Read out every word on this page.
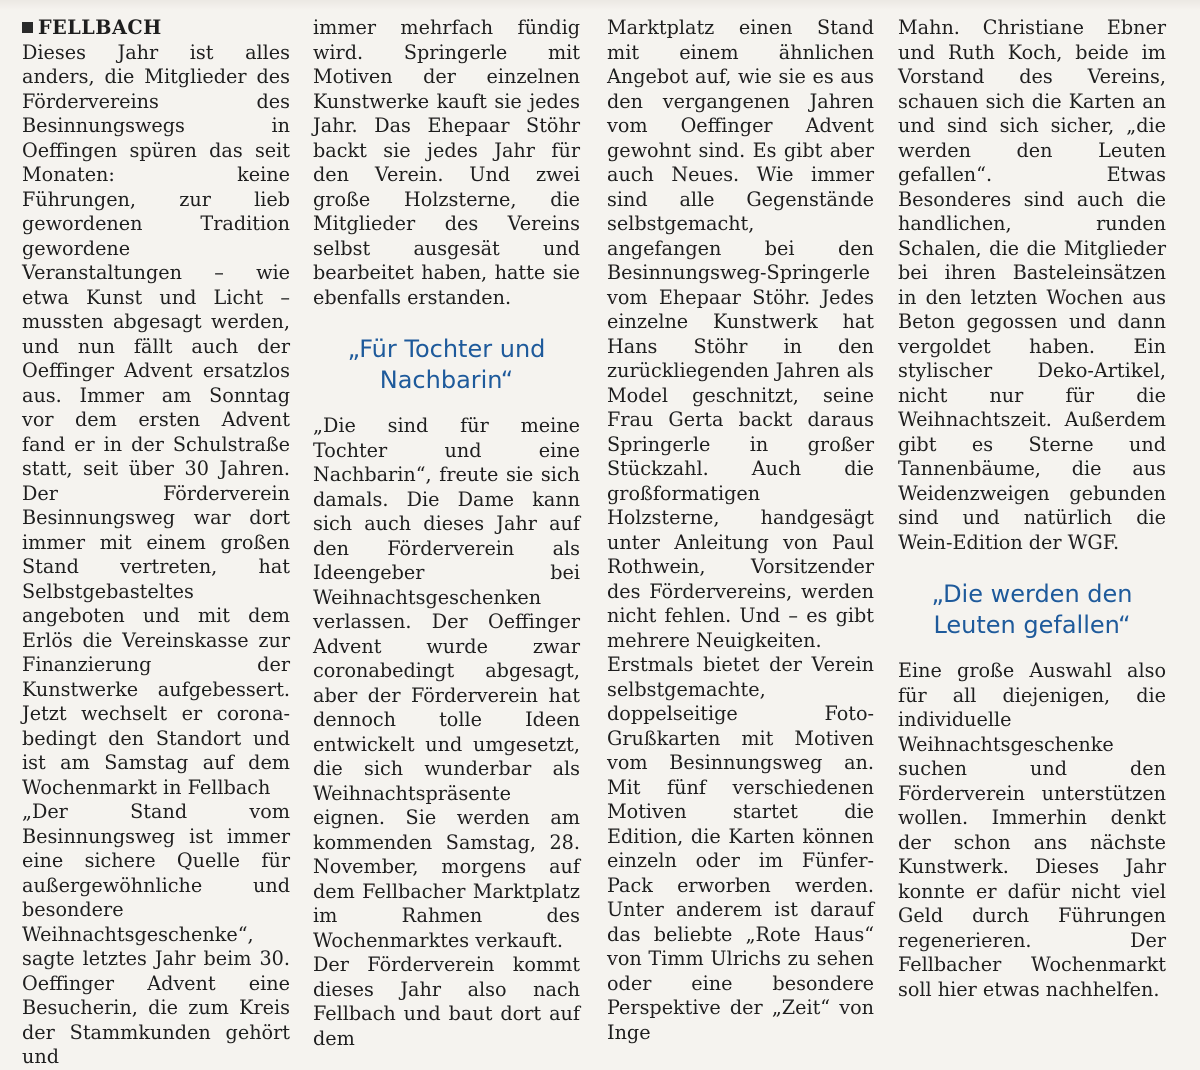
FELLBACH

Dieses Jahr ist alles anders, die Mitglieder des Fördervereins des Besinnungswegs in Oeffingen spüren das seit Monaten: keine Führungen, zur lieb gewordenen Tradition gewordene Veranstaltungen – wie etwa Kunst und Licht – mussten abgesagt werden, und nun fällt auch der Oeffinger Advent ersatzlos aus. Immer am Sonntag vor dem ersten Advent fand er in der Schulstraße statt, seit über 30 Jahren. Der Förderverein Besinnungsweg war dort immer mit einem großen Stand vertreten, hat Selbstgebasteltes angeboten und mit dem Erlös die Vereinskasse zur Finanzierung der Kunstwerke aufgebessert. Jetzt wechselt er corona-bedingt den Standort und ist am Samstag auf dem Wochenmarkt in Fellbach

„Der Stand vom Besinnungsweg ist immer eine sichere Quelle für außergewöhnliche und besondere Weihnachtsgeschenke“, sagte letztes Jahr beim 30. Oeffinger Advent eine Besucherin, die zum Kreis der Stammkunden gehört und

immer mehrfach fündig wird. Springerle mit Motiven der einzelnen Kunstwerke kauft sie jedes Jahr. Das Ehepaar Stöhr backt sie jedes Jahr für den Verein. Und zwei große Holzsterne, die Mitglieder des Vereins selbst ausgesät und bearbeitet haben, hatte sie ebenfalls erstanden.

„Für Tochter und Nachbarin“

„Die sind für meine Tochter und eine Nachbarin“, freute sie sich damals. Die Dame kann sich auch dieses Jahr auf den Förderverein als Ideengeber bei Weihnachtsgeschenken verlassen. Der Oeffinger Advent wurde zwar coronabedingt abgesagt, aber der Förderverein hat dennoch tolle Ideen entwickelt und umgesetzt, die sich wunderbar als Weihnachtspräsente eignen. Sie werden am kommenden Samstag, 28. November, morgens auf dem Fellbacher Marktplatz im Rahmen des Wochenmarktes verkauft.

Der Förderverein kommt dieses Jahr also nach Fellbach und baut dort auf dem

Marktplatz einen Stand mit einem ähnlichen Angebot auf, wie sie es aus den vergangenen Jahren vom Oeffinger Advent gewohnt sind. Es gibt aber auch Neues. Wie immer sind alle Gegenstände selbstgemacht, angefangen bei den Besinnungsweg-Springerle vom Ehepaar Stöhr. Jedes einzelne Kunstwerk hat Hans Stöhr in den zurückliegenden Jahren als Model geschnitzt, seine Frau Gerta backt daraus Springerle in großer Stückzahl. Auch die großformatigen Holzsterne, handgesägt unter Anleitung von Paul Rothwein, Vorsitzender des Fördervereins, werden nicht fehlen. Und – es gibt mehrere Neuigkeiten.

Erstmals bietet der Verein selbstgemachte, doppelseitige Foto-Grußkarten mit Motiven vom Besinnungsweg an. Mit fünf verschiedenen Motiven startet die Edition, die Karten können einzeln oder im Fünfer-Pack erworben werden. Unter anderem ist darauf das beliebte „Rote Haus“ von Timm Ulrichs zu sehen oder eine besondere Perspektive der „Zeit“ von Inge

Mahn. Christiane Ebner und Ruth Koch, beide im Vorstand des Vereins, schauen sich die Karten an und sind sich sicher, „die werden den Leuten gefallen“. Etwas Besonderes sind auch die handlichen, runden Schalen, die die Mitglieder bei ihren Basteleinsätzen in den letzten Wochen aus Beton gegossen und dann vergoldet haben. Ein stylischer Deko-Artikel, nicht nur für die Weihnachtszeit. Außerdem gibt es Sterne und Tannenbäume, die aus Weidenzweigen gebunden sind und natürlich die Wein-Edition der WGF.

„Die werden den Leuten gefallen“

Eine große Auswahl also für all diejenigen, die individuelle Weihnachtsgeschenke suchen und den Förderverein unterstützen wollen. Immerhin denkt der schon ans nächste Kunstwerk. Dieses Jahr konnte er dafür nicht viel Geld durch Führungen regenerieren. Der Fellbacher Wochenmarkt soll hier etwas nachhelfen.
